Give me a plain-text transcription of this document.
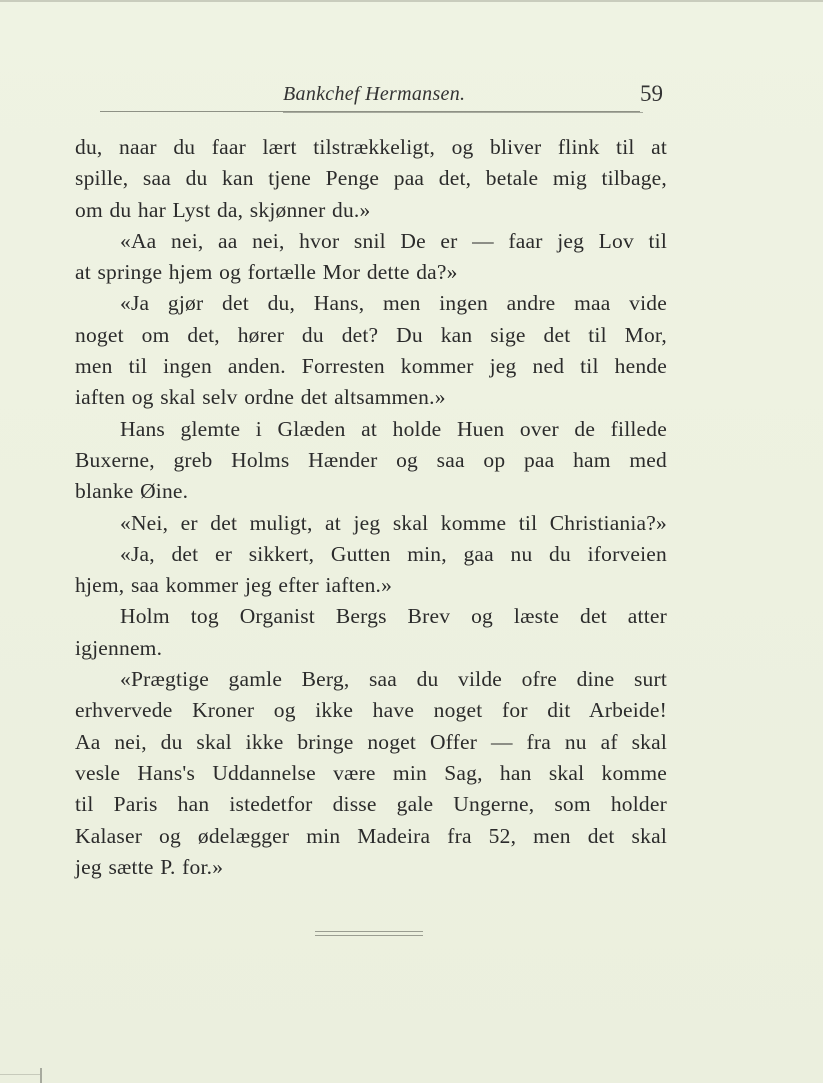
Bankchef Hermansen.	59
du, naar du faar lært tilstrækkeligt, og bliver flink til at
spille, saa du kan tjene Penge paa det, betale mig tilbage,
om du har Lyst da, skjønner du.»
«Aa nei, aa nei, hvor snil De er — faar jeg Lov til
at springe hjem og fortælle Mor dette da?»
«Ja gjør det du, Hans, men ingen andre maa vide
noget om det, hører du det? Du kan sige det til Mor,
men til ingen anden. Forresten kommer jeg ned til hende
iaften og skal selv ordne det altsammen.»
Hans glemte i Glæden at holde Huen over de fillede
Buxerne, greb Holms Hænder og saa op paa ham med
blanke Øine.
«Nei, er det muligt, at jeg skal komme til Christiania?»
«Ja, det er sikkert, Gutten min, gaa nu du iforveien
hjem, saa kommer jeg efter iaften.»
Holm tog Organist Bergs Brev og læste det atter
igjennem.
«Prægtige gamle Berg, saa du vilde ofre dine surt
erhvervede Kroner og ikke have noget for dit Arbeide!
Aa nei, du skal ikke bringe noget Offer — fra nu af skal
vesle Hans's Uddannelse være min Sag, han skal komme
til Paris han istedetfor disse gale Ungerne, som holder
Kalaser og ødelægger min Madeira fra 52, men det skal
jeg sætte P. for.»
